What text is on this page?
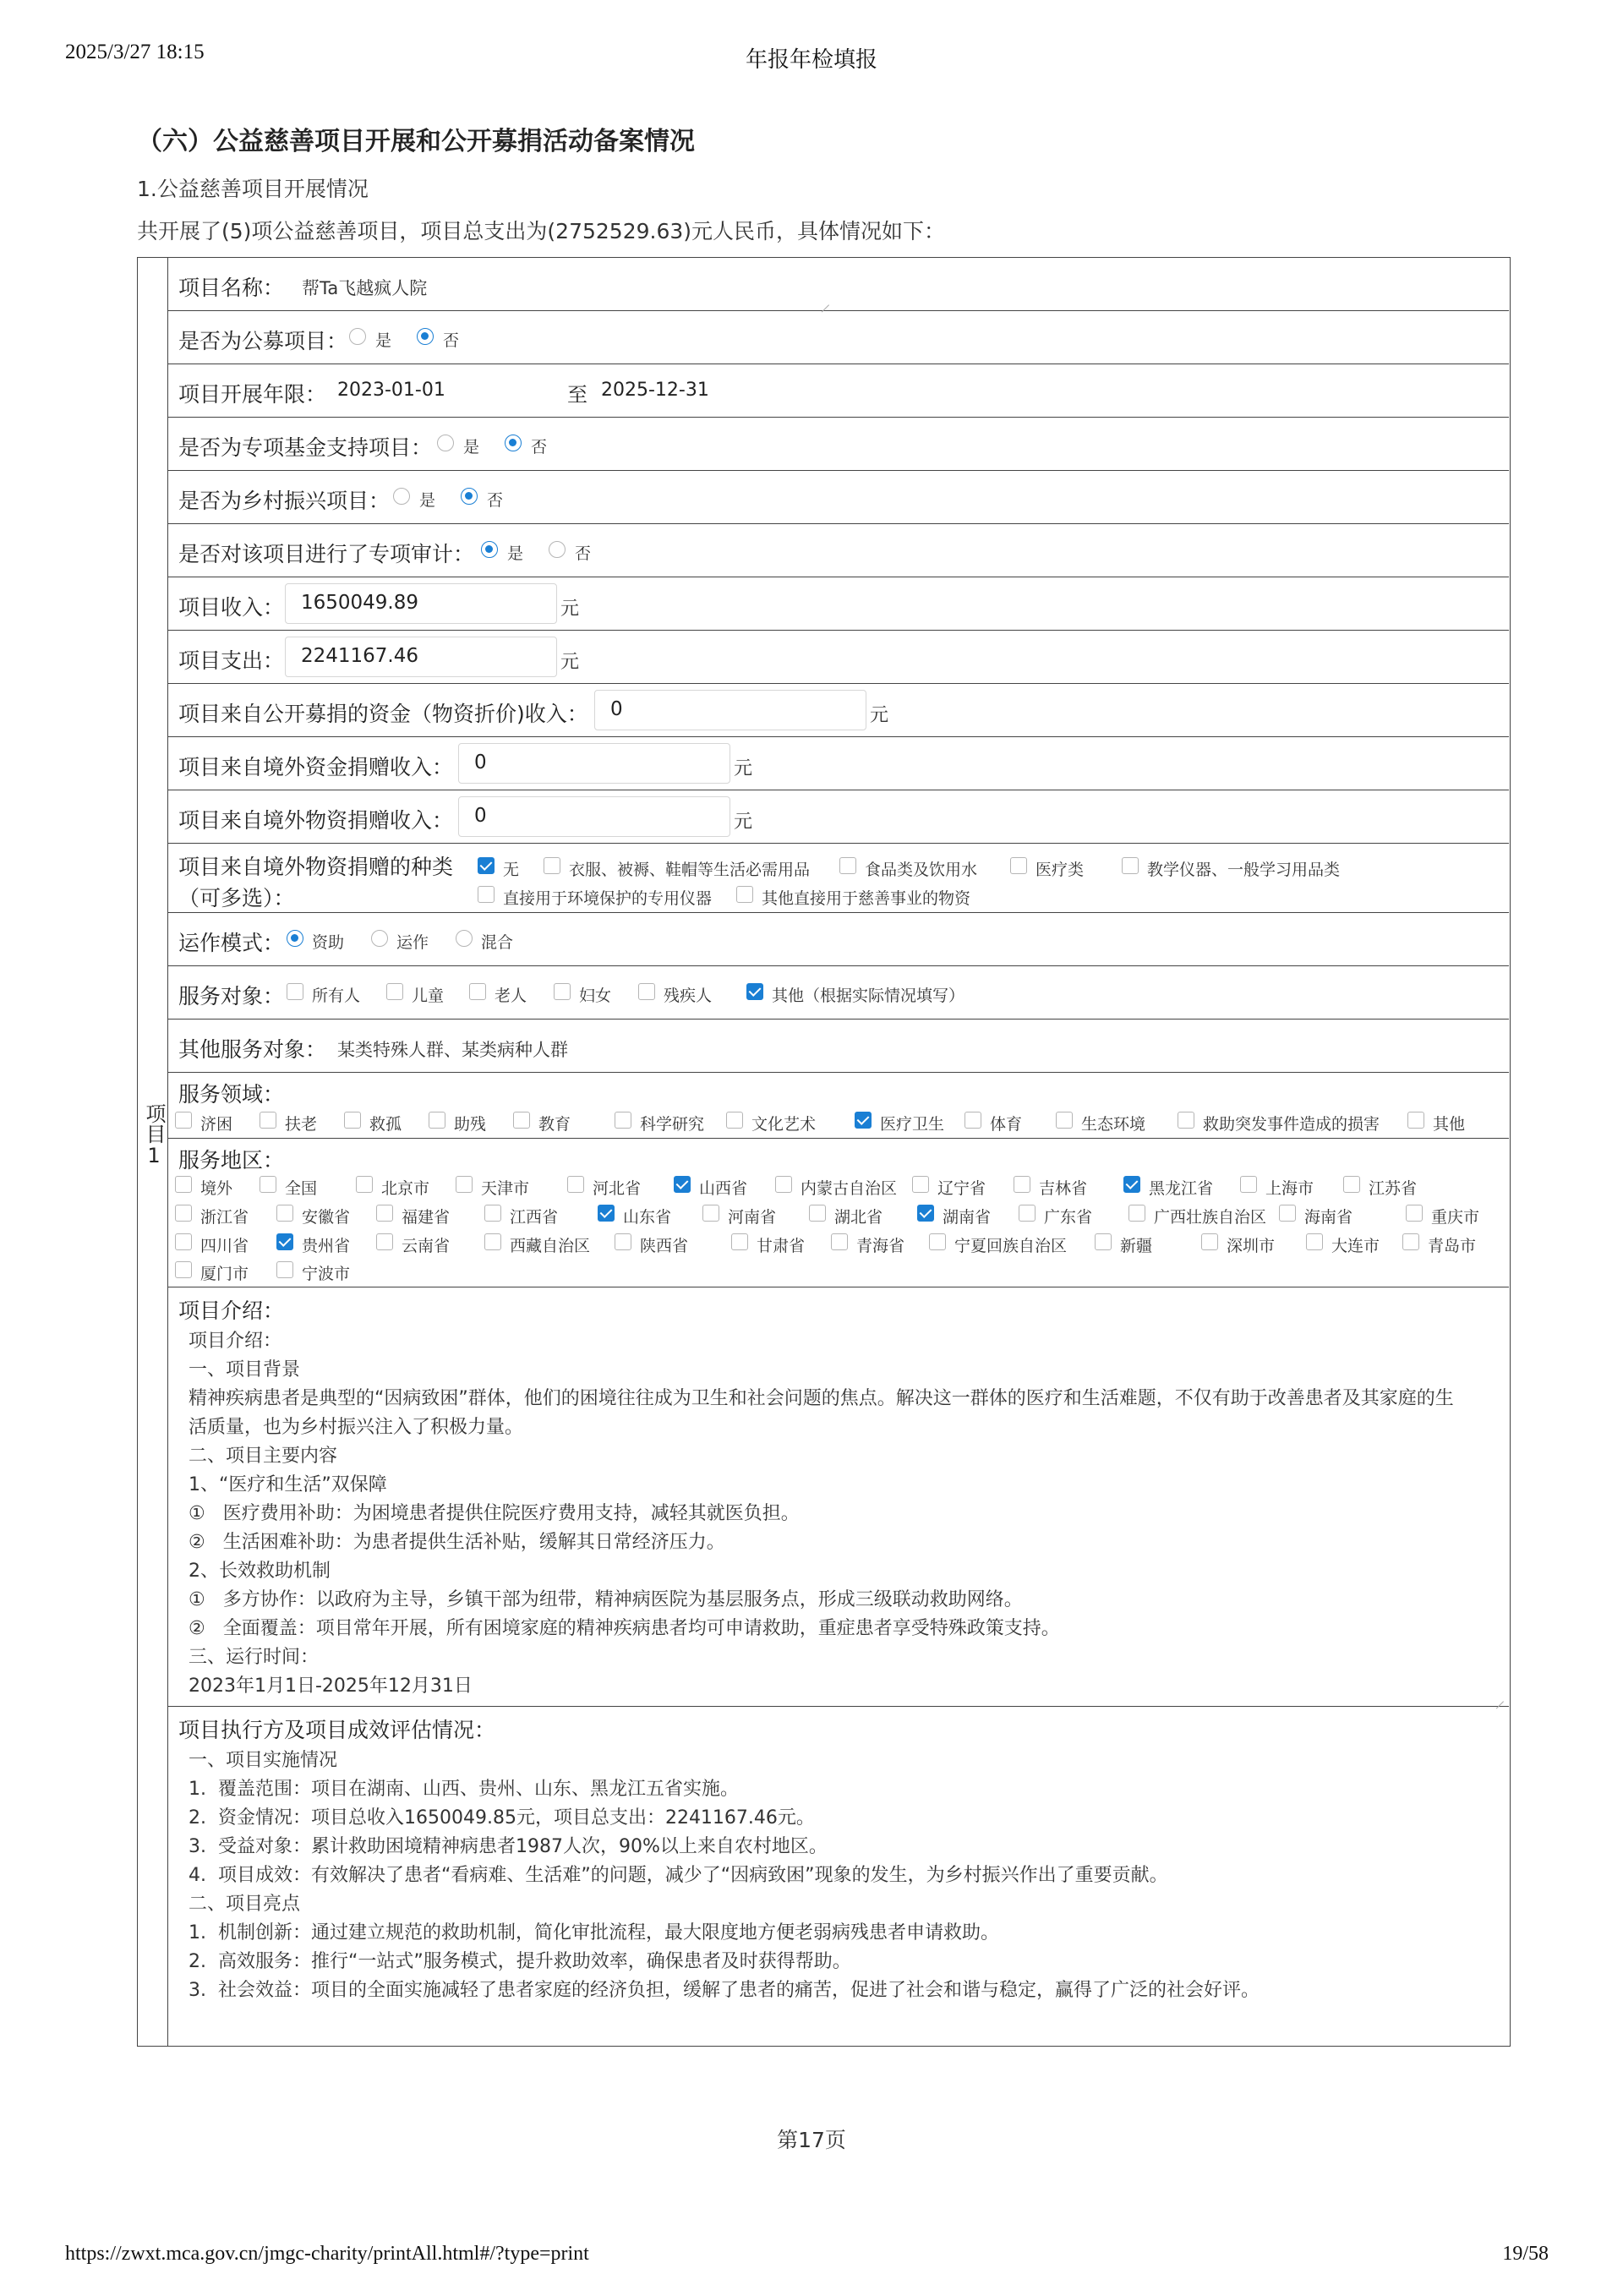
2025/3/27 18:15	年报年检填报
（六）公益慈善项目开展和公开募捐活动备案情况
1.公益慈善项目开展情况
共开展了(5)项公益慈善项目，项目总支出为(2752529.63)元人民币，具体情况如下：
项目1
项目名称： 帮Ta飞越疯人院
是否为公募项目： 是	否
项目开展年限： 2023-01-01	至 2025-12-31
是否为专项基金支持项目： 是	否
是否为乡村振兴项目： 是	否
是否对该项目进行了专项审计： 是	否
项目收入： 1650049.89	元
项目支出： 2241167.46	元
项目来自公开募捐的资金（物资折价)收入：	0	元
项目来自境外资金捐赠收入：	0	元
项目来自境外物资捐赠收入：	0	元
项目来自境外物资捐赠的种类
（可多选）：
无	衣服、被褥、鞋帽等生活必需用品	食品类及饮用水	医疗类	教学仪器、一般学习用品类
直接用于环境保护的专用仪器	其他直接用于慈善事业的物资
运作模式： 资助	运作	混合
服务对象： 所有人	儿童	老人	妇女	残疾人	其他（根据实际情况填写）
其他服务对象： 某类特殊人群、某类病种人群
服务领域：
济困	扶老	救孤	助残	教育	科学研究	文化艺术	医疗卫生	体育	生态环境	救助突发事件造成的损害	其他
服务地区：
境外	全国	北京市	天津市	河北省	山西省	内蒙古自治区	辽宁省	吉林省	黑龙江省	上海市	江苏省
浙江省	安徽省	福建省	江西省	山东省	河南省	湖北省	湖南省	广东省	广西壮族自治区 海南省	重庆市
四川省	贵州省	云南省	西藏自治区	陕西省	甘肃省	青海省	宁夏回族自治区	新疆	深圳市	大连市	青岛市
厦门市	宁波市
项目介绍：
项目介绍：
一、项目背景
精神疾病患者是典型的“因病致困”群体，他们的困境往往成为卫生和社会问题的焦点。解决这一群体的医疗和生活难题，不仅有助于改善患者及其家庭的生
活质量，也为乡村振兴注入了积极力量。
二、项目主要内容
1、“医疗和生活”双保障
①   医疗费用补助：为困境患者提供住院医疗费用支持，减轻其就医负担。
②   生活困难补助：为患者提供生活补贴，缓解其日常经济压力。
2、长效救助机制
①   多方协作：以政府为主导，乡镇干部为纽带，精神病医院为基层服务点，形成三级联动救助网络。
②   全面覆盖：项目常年开展，所有困境家庭的精神疾病患者均可申请救助，重症患者享受特殊政策支持。
三、运行时间：
2023年1月1日-2025年12月31日
项目执行方及项目成效评估情况：
一、项目实施情况
1.  覆盖范围：项目在湖南、山西、贵州、山东、黑龙江五省实施。
2.  资金情况：项目总收入1650049.85元，项目总支出：2241167.46元。
3.  受益对象：累计救助困境精神病患者1987人次，90%以上来自农村地区。
4.  项目成效：有效解决了患者“看病难、生活难”的问题，减少了“因病致困”现象的发生，为乡村振兴作出了重要贡献。
二、项目亮点
1.  机制创新：通过建立规范的救助机制，简化审批流程，最大限度地方便老弱病残患者申请救助。
2.  高效服务：推行“一站式”服务模式，提升救助效率，确保患者及时获得帮助。
3.  社会效益：项目的全面实施减轻了患者家庭的经济负担，缓解了患者的痛苦，促进了社会和谐与稳定，赢得了广泛的社会好评。
第17页
https://zwxt.mca.gov.cn/jmgc-charity/printAll.html#/?type=print	19/58
